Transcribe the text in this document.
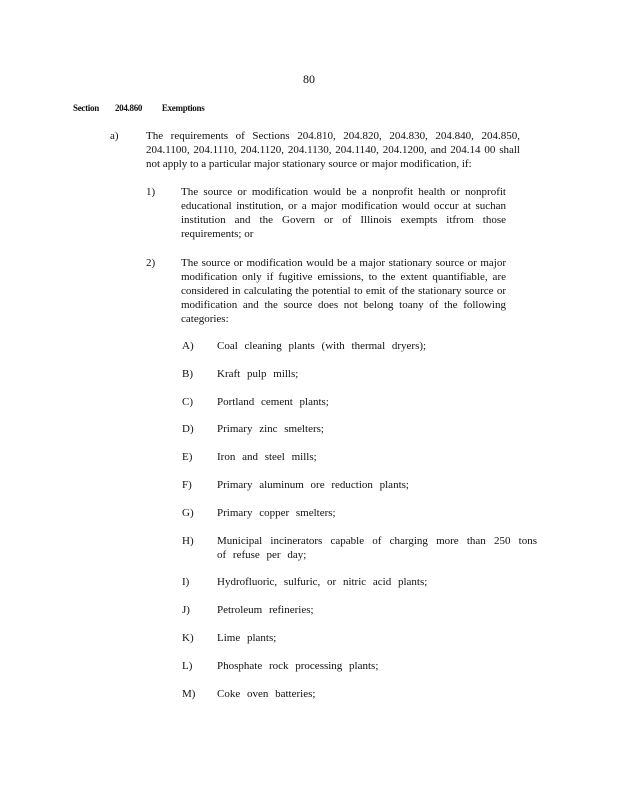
80
Section 204.860 Exemptions
a) The requirements of Sections 204.810, 204.820, 204.830, 204.840, 204.850, 204.1100, 204.1110, 204.1120, 204.1130, 204.1140, 204.1200, and 204.14 00 shall not apply to a particular major stationary source or major modification, if:
1) The source or modification would be a nonprofit health or nonprofit educational institution, or a major modification would occur at suchan institution and the Govern or of Illinois exempts itfrom those requirements; or
2) The source or modification would be a major stationary source or major modification only if fugitive emissions, to the extent quantifiable, are considered in calculating the potential to emit of the stationary source or modification and the source does not belong toany of the following categories:
A) Coal cleaning plants (with thermal dryers);
B) Kraft pulp mills;
C) Portland cement plants;
D) Primary zinc smelters;
E) Iron and steel mills;
F) Primary aluminum ore reduction plants;
G) Primary copper smelters;
H) Municipal incinerators capable of charging more than 250 tons of refuse per day;
I)	Hydrofluoric, sulfuric, or nitric acid plants;
J) Petroleum refineries;
K) Lime plants;
L) Phosphate rock processing plants;
M) Coke oven batteries;
